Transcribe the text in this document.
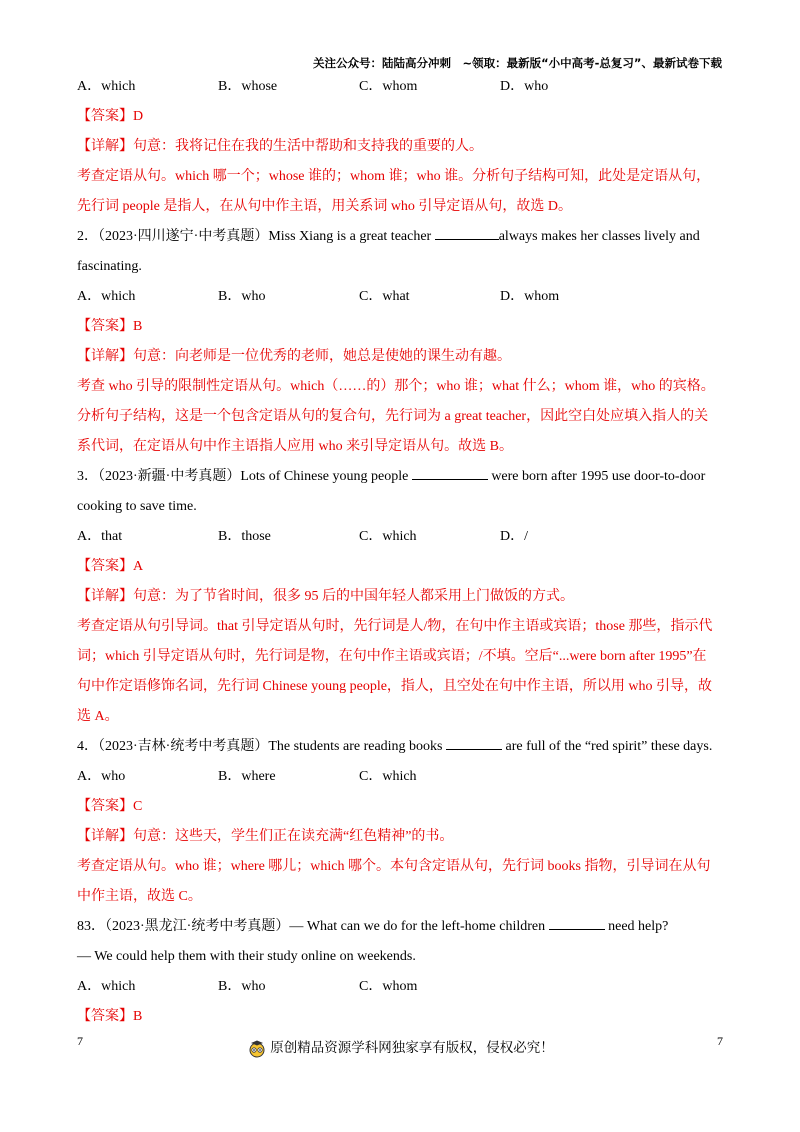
关注公众号：陆陆高分冲刺　~领取：最新版“小中高考-总复习”、最新试卷下载
A．which	B．whose	C．whom	D．who

【答案】D

【详解】句意：我将记住在我的生活中帮助和支持我的重要的人。

考查定语从句。which 哪一个；whose 谁的；whom 谁；who 谁。分析句子结构可知，此处是定语从句，

先行词 people 是指人，在从句中作主语，用关系词 who 引导定语从句，故选 D。

2．（2023·四川遂宁·中考真题）Miss Xiang is a great teacher	always makes her classes lively and

fascinating.

A．which	B．who	C．what	D．whom

【答案】B

【详解】句意：向老师是一位优秀的老师，她总是使她的课生动有趣。

考查 who 引导的限制性定语从句。which（……的）那个；who 谁；what 什么；whom 谁，who 的宾格。

分析句子结构，这是一个包含定语从句的复合句，先行词为 a great teacher，因此空白处应填入指人的关

系代词，在定语从句中作主语指人应用 who 来引导定语从句。故选 B。

3．（2023·新疆·中考真题）Lots of Chinese young people	were born after 1995 use door-to-door

cooking to save time.

A．that	B．those	C．which	D．/

【答案】A

【详解】句意：为了节省时间，很多 95 后的中国年轻人都采用上门做饭的方式。

考查定语从句引导词。that 引导定语从句时，先行词是人/物，在句中作主语或宾语；those 那些，指示代

词；which 引导定语从句时，先行词是物，在句中作主语或宾语；/不填。空后“...were born after 1995”在

句中作定语修饰名词，先行词 Chinese young people，指人，且空处在句中作主语，所以用 who 引导，故

选 A。

4．（2023·吉林·统考中考真题）The students are reading books	are full of the “red spirit” these days.

A．who	B．where	C．which

【答案】C

【详解】句意：这些天，学生们正在读充满“红色精神”的书。

考查定语从句。who 谁；where 哪儿；which 哪个。本句含定语从句，先行词 books 指物，引导词在从句

中作主语，故选 C。

83．（2023·黑龙江·统考中考真题）— What can we do for the left-home children	need help?

— We could help them with their study online on weekends.

A．which	B．who	C．whom

【答案】B

7	原创精品资源学科网独家享有版权，侵权必究！	7
